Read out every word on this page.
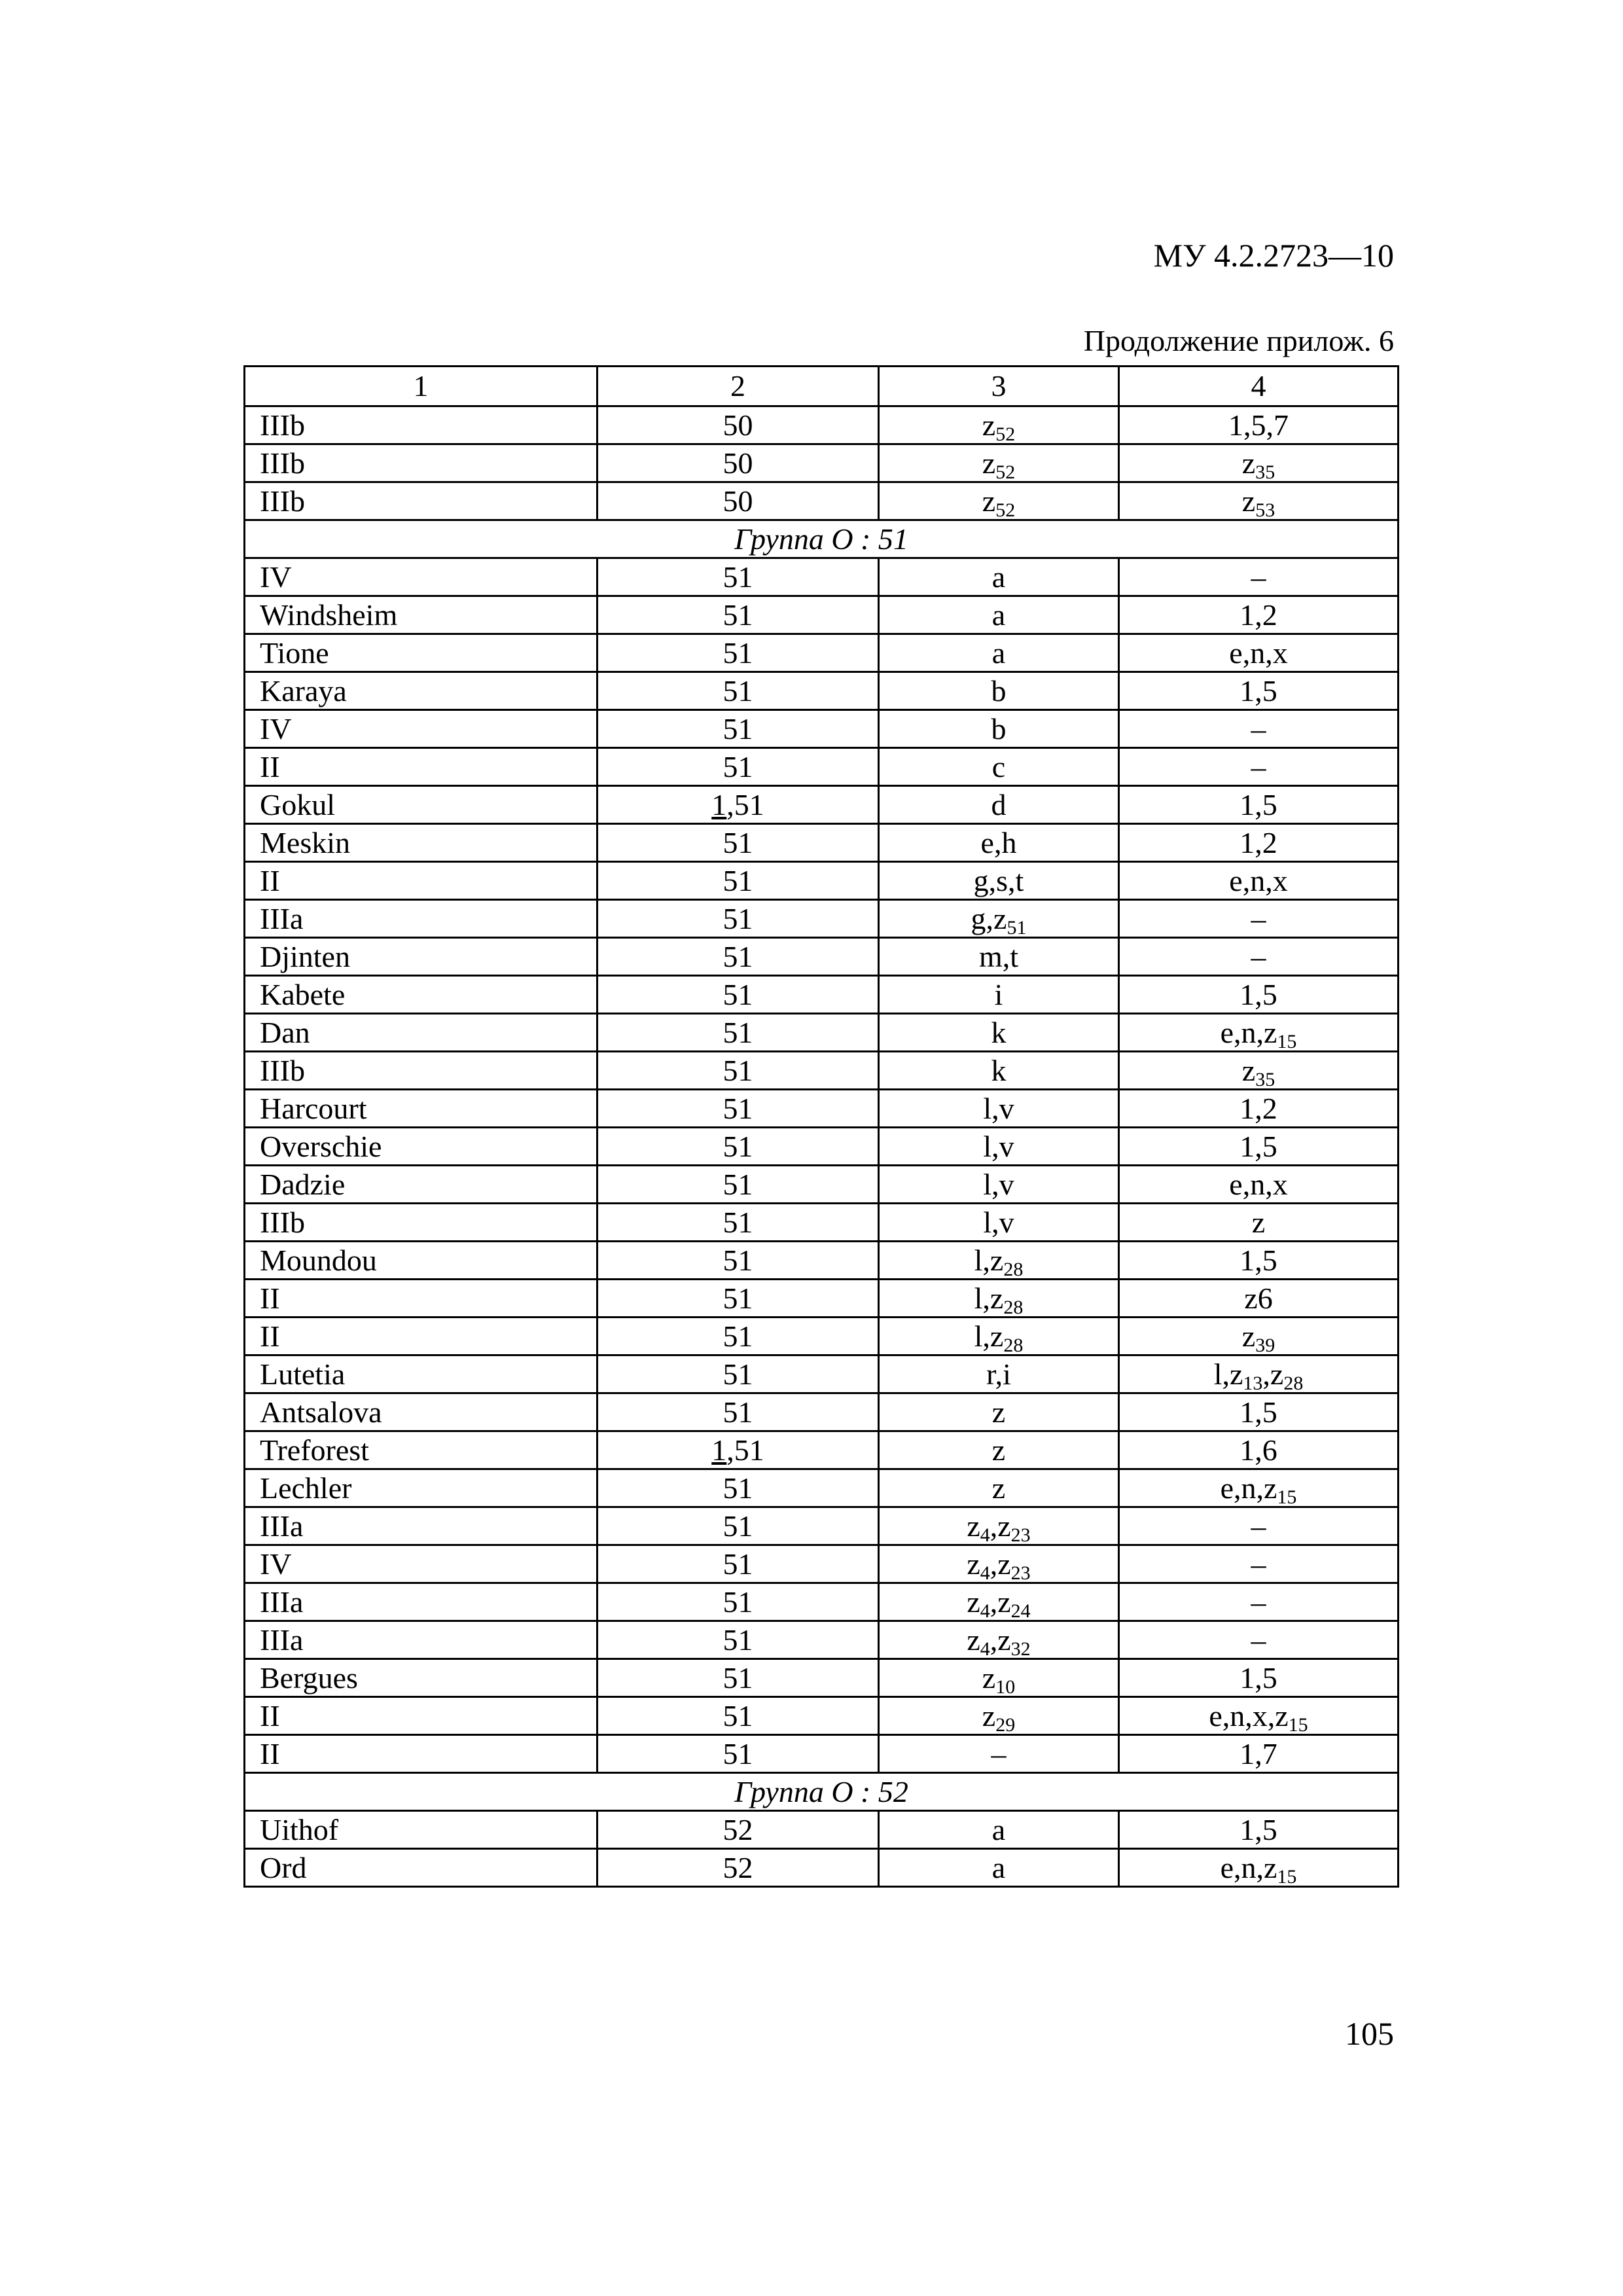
МУ 4.2.2723—10
Продолжение прилож. 6
1	2	3	4
IIIb	50	$z_{52}$	1,5,7
IIIb	50	$z_{52}$	$z_{35}$
IIIb	50	$z_{52}$	$z_{53}$
Группа O : 51			
IV	51	a	–
Windsheim	51	a	1,2
Tione	51	a	e,n,x
Karaya	51	b	1,5
IV	51	b	–
II	51	c	–
Gokul	1,51	d	1,5
Meskin	51	e,h	1,2
II	51	g,s,t	e,n,x
IIIa	51	$g,z_{51}$	–
Djinten	51	m,t	–
Kabete	51	i	1,5
Dan	51	k	$e,n,z_{15}$
IIIb	51	k	$z_{35}$
Harcourt	51	l,v	1,2
Overschie	51	l,v	1,5
Dadzie	51	l,v	e,n,x
IIIb	51	l,v	z
Moundou	51	$l,z_{28}$	1,5
II	51	$l,z_{28}$	z6
II	51	$l,z_{28}$	$z_{39}$
Lutetia	51	r,i	$l,z_{13},z_{28}$
Antsalova	51	z	1,5
Treforest	1,51	z	1,6
Lechler	51	z	$e,n,z_{15}$
IIIa	51	$z_4,z_{23}$	–
IV	51	$z_4,z_{23}$	–
IIIa	51	$z_4,z_{24}$	–
IIIa	51	$z_4,z_{32}$	–
Bergues	51	$z_{10}$	1,5
II	51	$z_{29}$	$e,n,x,z_{15}$
II	51	–	1,7
Группа O : 52			
Uithof	52	a	1,5
Ord	52	a	$e,n,z_{15}$
105
